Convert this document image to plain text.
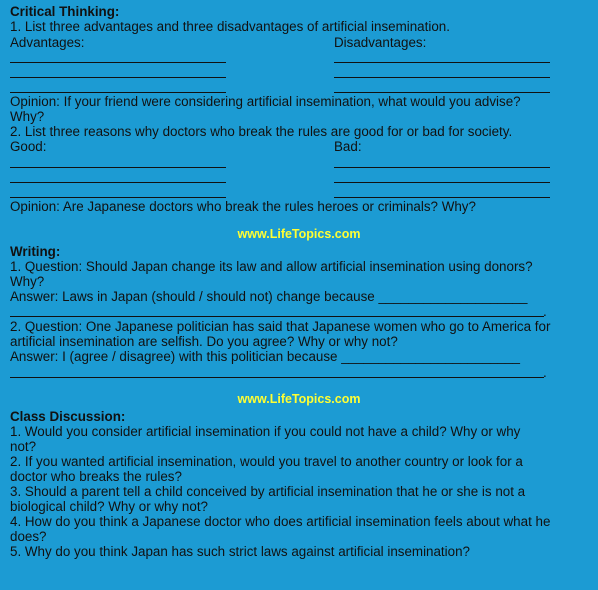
Critical Thinking:
1. List three advantages and three disadvantages of artificial insemination.
Advantages:	Disadvantages:
Opinion: If your friend were considering artificial insemination, what would you advise?
Why?
2. List three reasons why doctors who break the rules are good for or bad for society.
Good:	Bad:
Opinion: Are Japanese doctors who break the rules heroes or criminals? Why?
www.LifeTopics.com
Writing:
1. Question: Should Japan change its law and allow artificial insemination using donors?
Why?
Answer: Laws in Japan (should / should not) change because ____________________
.
2. Question: One Japanese politician has said that Japanese women who go to America for
artificial insemination are selfish. Do you agree? Why or why not?
Answer: I (agree / disagree) with this politician because ________________________
.
www.LifeTopics.com
Class Discussion:
1. Would you consider artificial insemination if you could not have a child? Why or why
not?
2. If you wanted artificial insemination, would you travel to another country or look for a
doctor who breaks the rules?
3. Should a parent tell a child conceived by artificial insemination that he or she is not a
biological child? Why or why not?
4. How do you think a Japanese doctor who does artificial insemination feels about what he
does?
5. Why do you think Japan has such strict laws against artificial insemination?
